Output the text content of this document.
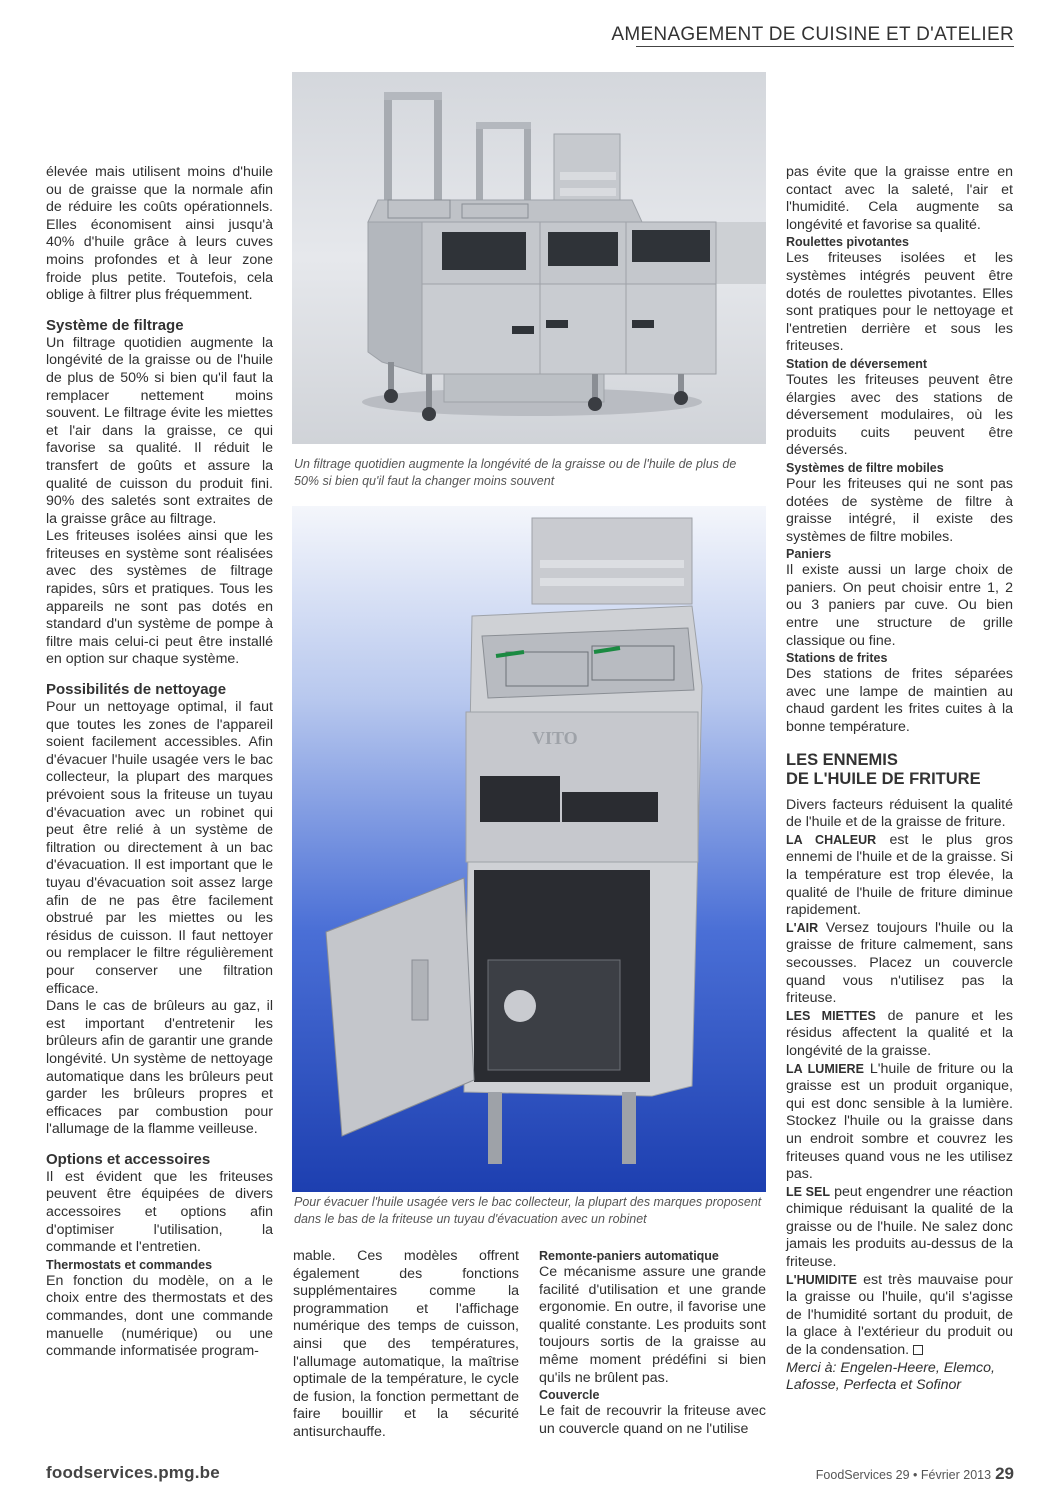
AMENAGEMENT DE CUISINE ET D'ATELIER

élevée mais utilisent moins d'huile ou de graisse que la normale afin de réduire les coûts opérationnels. Elles économisent ainsi jusqu'à 40% d'huile grâce à leurs cuves moins profondes et à leur zone froide plus petite. Toutefois, cela oblige à filtrer plus fréquemment.

Système de filtrage

Un filtrage quotidien augmente la longévité de la graisse ou de l'huile de plus de 50% si bien qu'il faut la remplacer nettement moins souvent. Le filtrage évite les miettes et l'air dans la graisse, ce qui favorise sa qualité. Il réduit le transfert de goûts et assure la qualité de cuisson du produit fini. 90% des saletés sont extraites de la graisse grâce au filtrage.

Les friteuses isolées ainsi que les friteuses en système sont réalisées avec des systèmes de filtrage rapides, sûrs et pratiques. Tous les appareils ne sont pas dotés en standard d'un système de pompe à filtre mais celui-ci peut être installé en option sur chaque système.

Possibilités de nettoyage

Pour un nettoyage optimal, il faut que toutes les zones de l'appareil soient facilement accessibles. Afin d'évacuer l'huile usagée vers le bac collecteur, la plupart des marques prévoient sous la friteuse un tuyau d'évacuation avec un robinet qui peut être relié à un système de filtration ou directement à un bac d'évacuation. Il est important que le tuyau d'évacuation soit assez large afin de ne pas être facilement obstrué par les miettes ou les résidus de cuisson. Il faut nettoyer ou remplacer le filtre régulièrement pour conserver une filtration efficace.

Dans le cas de brûleurs au gaz, il est important d'entretenir les brûleurs afin de garantir une grande longévité. Un système de nettoyage automatique dans les brûleurs peut garder les brûleurs propres et efficaces par combustion pour l'allumage de la flamme veilleuse.

Options et accessoires

Il est évident que les friteuses peuvent être équipées de divers accessoires et options afin d'optimiser l'utilisation, la commande et l'entretien.

Thermostats et commandes

En fonction du modèle, on a le choix entre des thermostats et des commandes, dont une commande manuelle (numérique) ou une commande informatisée program-

Un filtrage quotidien augmente la longévité de la graisse ou de l'huile de plus de 50% si bien qu'il faut la changer moins souvent
VITO
Pour évacuer l'huile usagée vers le bac collecteur, la plupart des marques proposent dans le bas de la friteuse un tuyau d'évacuation avec un robinet

mable. Ces modèles offrent également des fonctions supplémentaires comme la programmation et l'affichage numérique des temps de cuisson, ainsi que des températures, l'allumage automatique, la maîtrise optimale de la température, le cycle de fusion, la fonction permettant de faire bouillir et la sécurité antisurchauffe.

Remonte-paniers automatique

Ce mécanisme assure une grande facilité d'utilisation et une grande ergonomie. En outre, il favorise une qualité constante. Les produits sont toujours sortis de la graisse au même moment prédéfini si bien qu'ils ne brûlent pas.

Couvercle

Le fait de recouvrir la friteuse avec un couvercle quand on ne l'utilise

pas évite que la graisse entre en contact avec la saleté, l'air et l'humidité. Cela augmente sa longévité et favorise sa qualité.

Roulettes pivotantes

Les friteuses isolées et les systèmes intégrés peuvent être dotés de roulettes pivotantes. Elles sont pratiques pour le nettoyage et l'entretien derrière et sous les friteuses.

Station de déversement

Toutes les friteuses peuvent être élargies avec des stations de déversement modulaires, où les produits cuits peuvent être déversés.

Systèmes de filtre mobiles

Pour les friteuses qui ne sont pas dotées de système de filtre à graisse intégré, il existe des systèmes de filtre mobiles.

Paniers

Il existe aussi un large choix de paniers. On peut choisir entre 1, 2 ou 3 paniers par cuve. Ou bien entre une structure de grille classique ou fine.

Stations de frites

Des stations de frites séparées avec une lampe de maintien au chaud gardent les frites cuites à la bonne température.

LES ENNEMIS
DE L'HUILE DE FRITURE

Divers facteurs réduisent la qualité de l'huile et de la graisse de friture.

LA CHALEUR est le plus gros ennemi de l'huile et de la graisse. Si la température est trop élevée, la qualité de l'huile de friture diminue rapidement.

L'AIR Versez toujours l'huile ou la graisse de friture calmement, sans secousses. Placez un couvercle quand vous n'utilisez pas la friteuse.

LES MIETTES de panure et les résidus affectent la qualité et la longévité de la graisse.

LA LUMIERE L'huile de friture ou la graisse est un produit organique, qui est donc sensible à la lumière. Stockez l'huile ou la graisse dans un endroit sombre et couvrez les friteuses quand vous ne les utilisez pas.

LE SEL peut engendrer une réaction chimique réduisant la qualité de la graisse ou de l'huile. Ne salez donc jamais les produits au-dessus de la friteuse.

L'HUMIDITE est très mauvaise pour la graisse ou l'huile, qu'il s'agisse de l'humidité sortant du produit, de la glace à l'extérieur du produit ou de la condensation.

Merci à: Engelen-Heere, Elemco, Lafosse, Perfecta et Sofinor

foodservices.pmg.be	FoodServices 29 • Février 2013 29
